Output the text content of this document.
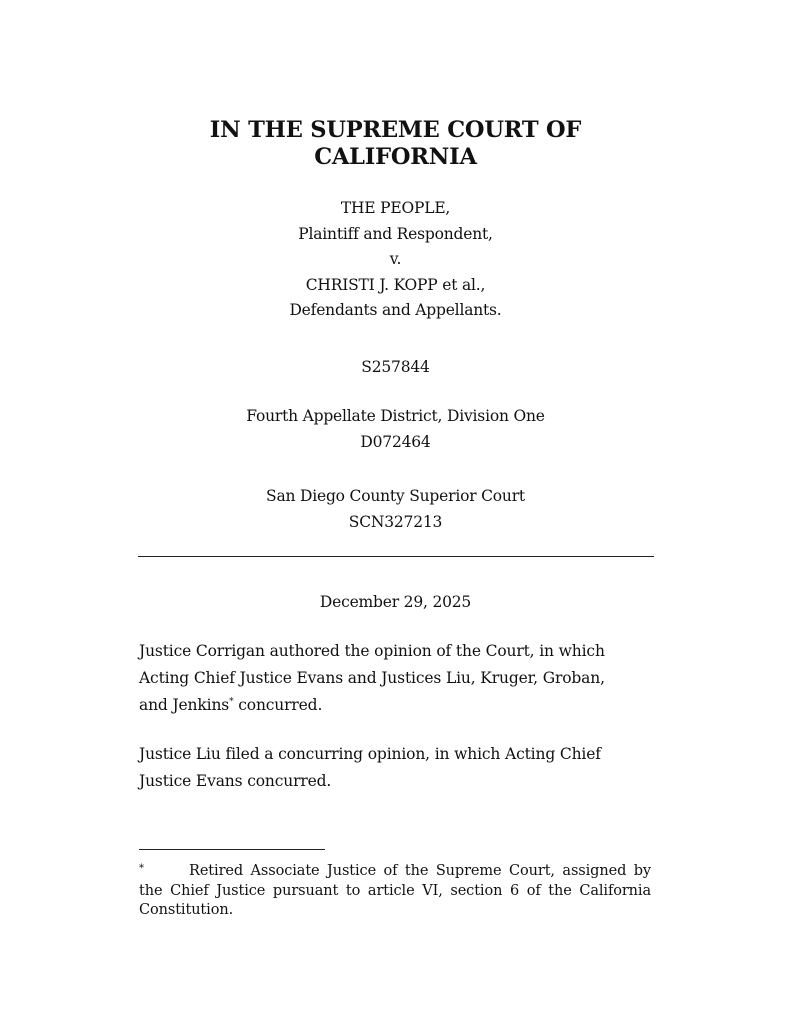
IN THE SUPREME COURT OF
CALIFORNIA
THE PEOPLE,
Plaintiff and Respondent,
v.
CHRISTI J. KOPP et al.,
Defendants and Appellants.
S257844
Fourth Appellate District, Division One
D072464
San Diego County Superior Court
SCN327213
December 29, 2025
Justice Corrigan authored the opinion of the Court, in which
Acting Chief Justice Evans and Justices Liu, Kruger, Groban,
and Jenkins* concurred.
Justice Liu filed a concurring opinion, in which Acting Chief
Justice Evans concurred.
*	Retired Associate Justice of the Supreme Court, assigned by the Chief Justice pursuant to article VI, section 6 of the California Constitution.
